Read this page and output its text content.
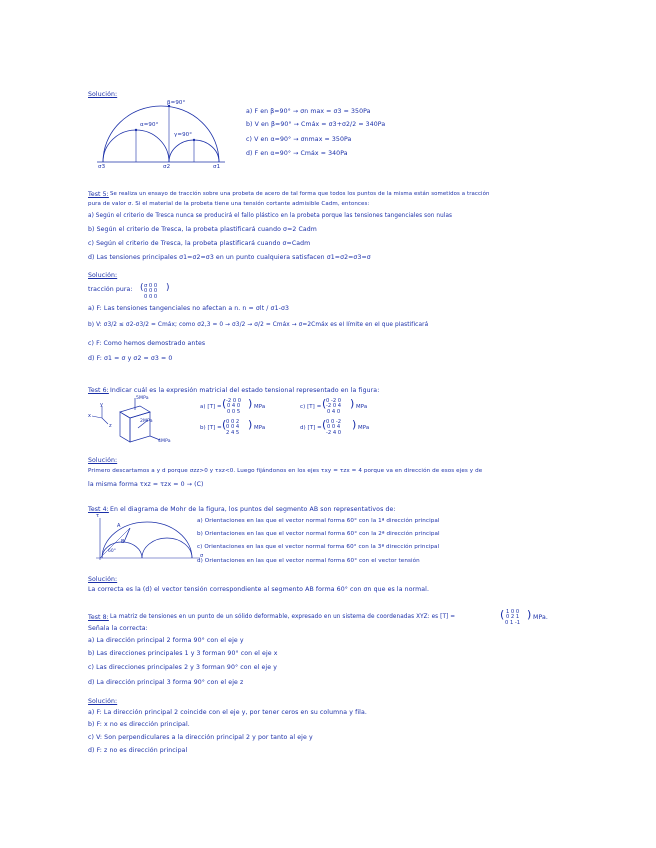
Solución:
β=90°
α=90°
γ=90°
σ3	σ2	σ1
a) F en β=90° → σn max = σ3 = 350Pa
b) V en β=90° → Cmáx = σ3+σ2/2 = 340Pa
c) V en α=90° → σnmax = 350Pa
d) F en α=90° → Cmáx = 340Pa
Test 5: Se realiza un ensayo de tracción sobre una probeta de acero de tal forma que todos los puntos de la misma están sometidos a tracción
pura de valor σ. Si el material de la probeta tiene una tensión cortante admisible Cadm, entonces:
a) Según el criterio de Tresca nunca se producirá el fallo plástico en la probeta porque las tensiones tangenciales son nulas
b) Según el criterio de Tresca, la probeta plastificará cuando σ=2 Cadm
c) Según el criterio de Tresca, la probeta plastificará cuando σ=Cadm
d) Las tensiones principales σ1=σ2=σ3 en un punto cualquiera satisfacen σ1=σ2=σ3=σ
Solución:
tracción pura: ( σ 0 0
0 0 0
0 0 0
)
a) F: Las tensiones tangenciales no afectan a n. n = σlt / σ1-σ3
b) V: σ3/2 ≤ σ2-σ3/2 = Cmáx; como σ2,3 = 0 → σ3/2 → σ/2 = Cmáx → σ=2Cmáx es el límite en el que plastificará
c) F: Como hemos demostrado antes
d) F: σ1 = σ y σ2 = σ3 = 0
Test 6: Indicar cuál es la expresión matricial del estado tensional representado en la figura:
5MPa
2MPa
4MPa
x
y
z
a) [T] = ( -2 0 0
0 4 0
0 0 5
) MPa	c) [T] = ( 0 -2 0
-2 0 4
0 4 0
) MPa
b) [T] = ( 0 0 2
0 0 4
2 4 5
) MPa	d) [T] = ( 0 0 -2
0 0 4
-2 4 0
) MPa
Solución:
Primero descartamos a y d porque σzz>0 y τxz<0. Luego fijándonos en los ejes τxy = τzx = 4 porque va en dirección de esos ejes y de
la misma forma τxz = τzx = 0 → (C)
Test 4: En el diagrama de Mohr de la figura, los puntos del segmento AB son representativos de:
A
B
τ
σ
60°
a) Orientaciones en las que el vector normal forma 60° con la 1ª dirección principal
b) Orientaciones en las que el vector normal forma 60° con la 2ª dirección principal
c) Orientaciones en las que el vector normal forma 60° con la 3ª dirección principal
d) Orientaciones en las que el vector normal forma 60° con el vector tensión
Solución:
La correcta es la (d) el vector tensión correspondiente al segmento AB forma 60° con σn que es la normal.
Test 8: La matriz de tensiones en un punto de un sólido deformable, expresado en un sistema de coordenadas XYZ: es [T] =	( 1 0 0
0 2 1
0 1 -1
) MPa.
Señala la correcta:
a) La dirección principal 2 forma 90° con el eje y
b) Las direcciones principales 1 y 3 forman 90° con el eje x
c) Las direcciones principales 2 y 3 forman 90° con el eje y
d) La dirección principal 3 forma 90° con el eje z
Solución:
a) F: La dirección principal 2 coincide con el eje y, por tener ceros en su columna y fila.
b) F: x no es dirección principal.
c) V: Son perpendiculares a la dirección principal 2 y por tanto al eje y
d) F: z no es dirección principal
